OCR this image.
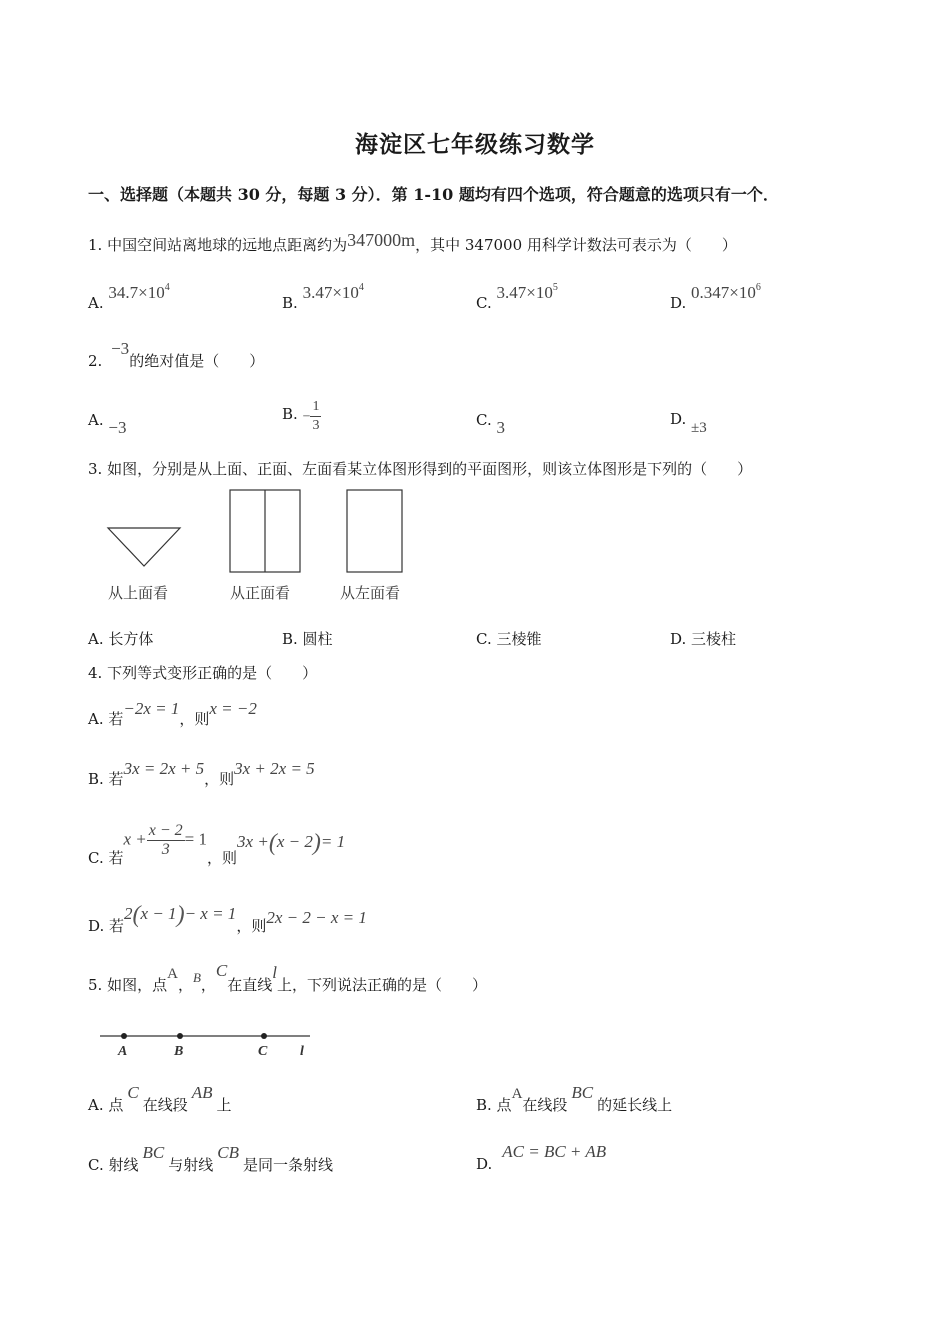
海淀区七年级练习数学
一、选择题（本题共 30 分，每题 3 分）．第 1-10 题均有四个选项，符合题意的选项只有一个．
1. 中国空间站离地球的远地点距离约为347000m，其中 347000 用科学计数法可表示为（　　）
A. $34.7\times 10^4$
B. $3.47\times 10^4$
C. $3.47\times 10^5$
D. $0.347\times 10^6$
2. −3的绝对值是（　　）
A. −3
B. − $\frac{1}{3}$	C. 3	D. ±3
3. 如图，分别是从上面、正面、左面看某立体图形得到的平面图形，则该立体图形是下列的（　　）
从上面看	从正面看	从左面看
A. 长方体	B. 圆柱	C. 三棱锥	D. 三棱柱
4. 下列等式变形正确的是（　　）
A. 若−2x = 1，则x = −2
B. 若3x = 2x + 5，则3x + 2x = 5
C. 若$x + \frac{x - 2}{3} = 1$，则3x +(x − 2)= 1
D. 若2(x − 1)− x = 1，则2x − 2 − x = 1
5. 如图，点A，B，C在直线l上，下列说法正确的是（　　）
A	B	C l
A. 点C在线段AB上	B. 点A在线段BC的延长线上
C. 射线BC与射线CB是同一条射线	D.AC = BC + AB
